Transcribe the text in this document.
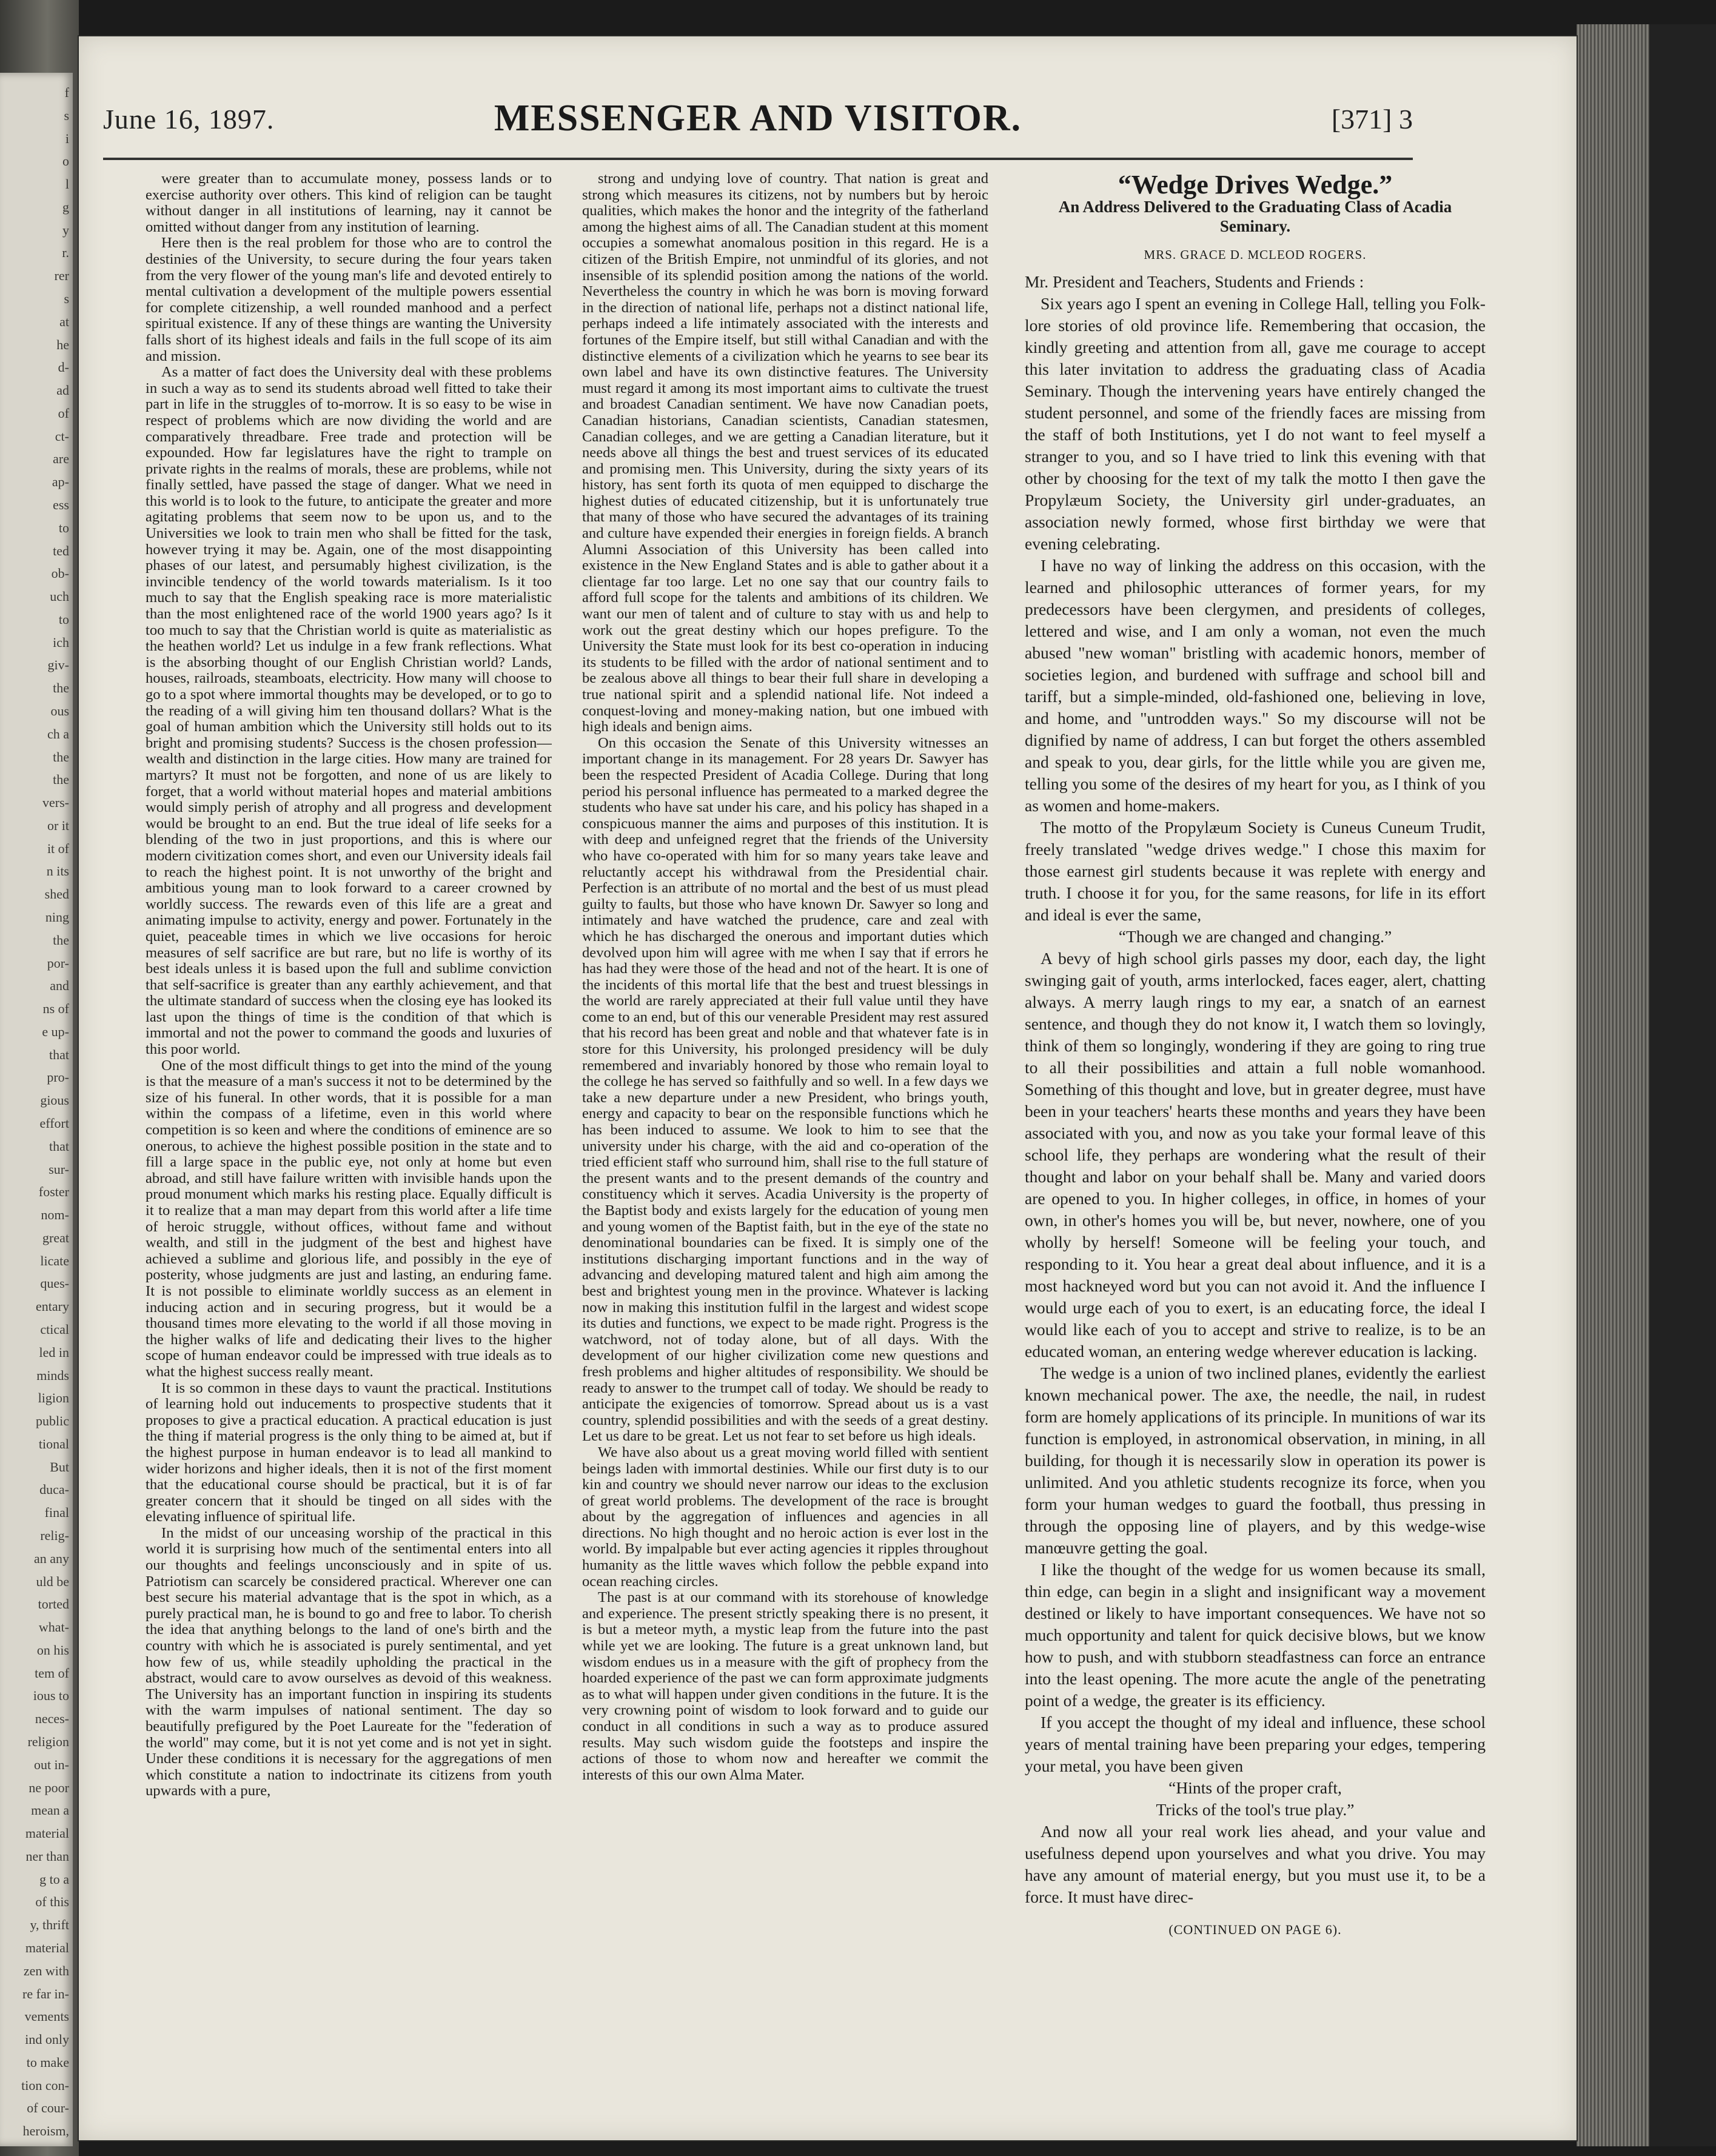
f
s
i
o
l
g
y
r.
rer
s
at
he
d-
ad
of
ct-
are
ap-
ess
to
ted
ob-
uch
to
ich
giv-
the
ous
ch a
the
the
vers-
or it
it of
n its
shed
ning
the
por-
and
ns of
e up-
that
pro-
gious
effort
that
sur-
foster
nom-
great
licate
ques-
entary
ctical
led in
minds
ligion
public
tional
But
duca-
final
relig-
an any
uld be
torted
what-
on his
tem of
ious to
neces-
religion
out in-
ne poor
mean a
material
ner than
g to a
of this
y, thrift
material
zen with
re far in-
vements
ind only
to make
tion con-
of cour-
heroism,
June 16, 1897.	MESSENGER AND VISITOR.	[371] 3

were greater than to accumulate money, possess lands or to exercise authority over others. This kind of religion can be taught without danger in all institutions of learning, nay it cannot be omitted without danger from any institution of learning.

Here then is the real problem for those who are to control the destinies of the University, to secure during the four years taken from the very flower of the young man's life and devoted entirely to mental cultivation a development of the multiple powers essential for complete citizenship, a well rounded manhood and a perfect spiritual existence. If any of these things are wanting the University falls short of its highest ideals and fails in the full scope of its aim and mission.

As a matter of fact does the University deal with these problems in such a way as to send its students abroad well fitted to take their part in life in the struggles of to-morrow. It is so easy to be wise in respect of problems which are now dividing the world and are comparatively threadbare. Free trade and protection will be expounded. How far legislatures have the right to trample on private rights in the realms of morals, these are problems, while not finally settled, have passed the stage of danger. What we need in this world is to look to the future, to anticipate the greater and more agitating problems that seem now to be upon us, and to the Universities we look to train men who shall be fitted for the task, however trying it may be. Again, one of the most disappointing phases of our latest, and persumably highest civilization, is the invincible tendency of the world towards materialism. Is it too much to say that the English speaking race is more materialistic than the most enlightened race of the world 1900 years ago? Is it too much to say that the Christian world is quite as materialistic as the heathen world? Let us indulge in a few frank reflections. What is the absorbing thought of our English Christian world? Lands, houses, railroads, steamboats, electricity. How many will choose to go to a spot where immortal thoughts may be developed, or to go to the reading of a will giving him ten thousand dollars? What is the goal of human ambition which the University still holds out to its bright and promising students? Success is the chosen profession—wealth and distinction in the large cities. How many are trained for martyrs? It must not be forgotten, and none of us are likely to forget, that a world without material hopes and material ambitions would simply perish of atrophy and all progress and development would be brought to an end. But the true ideal of life seeks for a blending of the two in just proportions, and this is where our modern civitization comes short, and even our University ideals fail to reach the highest point. It is not unworthy of the bright and ambitious young man to look forward to a career crowned by worldly success. The rewards even of this life are a great and animating impulse to activity, energy and power. Fortunately in the quiet, peaceable times in which we live occasions for heroic measures of self sacrifice are but rare, but no life is worthy of its best ideals unless it is based upon the full and sublime conviction that self-sacrifice is greater than any earthly achievement, and that the ultimate standard of success when the closing eye has looked its last upon the things of time is the condition of that which is immortal and not the power to command the goods and luxuries of this poor world.

One of the most difficult things to get into the mind of the young is that the measure of a man's success it not to be determined by the size of his funeral. In other words, that it is possible for a man within the compass of a lifetime, even in this world where competition is so keen and where the conditions of eminence are so onerous, to achieve the highest possible position in the state and to fill a large space in the public eye, not only at home but even abroad, and still have failure written with invisible hands upon the proud monument which marks his resting place. Equally difficult is it to realize that a man may depart from this world after a life time of heroic struggle, without offices, without fame and without wealth, and still in the judgment of the best and highest have achieved a sublime and glorious life, and possibly in the eye of posterity, whose judgments are just and lasting, an enduring fame. It is not possible to eliminate worldly success as an element in inducing action and in securing progress, but it would be a thousand times more elevating to the world if all those moving in the higher walks of life and dedicating their lives to the higher scope of human endeavor could be impressed with true ideals as to what the highest success really meant.

It is so common in these days to vaunt the practical. Institutions of learning hold out inducements to prospective students that it proposes to give a practical education. A practical education is just the thing if material progress is the only thing to be aimed at, but if the highest purpose in human endeavor is to lead all mankind to wider horizons and higher ideals, then it is not of the first moment that the educational course should be practical, but it is of far greater concern that it should be tinged on all sides with the elevating influence of spiritual life.

In the midst of our unceasing worship of the practical in this world it is surprising how much of the sentimental enters into all our thoughts and feelings unconsciously and in spite of us. Patriotism can scarcely be considered practical. Wherever one can best secure his material advantage that is the spot in which, as a purely practical man, he is bound to go and free to labor. To cherish the idea that anything belongs to the land of one's birth and the country with which he is associated is purely sentimental, and yet how few of us, while steadily upholding the practical in the abstract, would care to avow ourselves as devoid of this weakness. The University has an important function in inspiring its students with the warm impulses of national sentiment. The day so beautifully prefigured by the Poet Laureate for the "federation of the world" may come, but it is not yet come and is not yet in sight. Under these conditions it is necessary for the aggregations of men which constitute a nation to indoctrinate its citizens from youth upwards with a pure,

strong and undying love of country. That nation is great and strong which measures its citizens, not by numbers but by heroic qualities, which makes the honor and the integrity of the fatherland among the highest aims of all. The Canadian student at this moment occupies a somewhat anomalous position in this regard. He is a citizen of the British Empire, not unmindful of its glories, and not insensible of its splendid position among the nations of the world. Nevertheless the country in which he was born is moving forward in the direction of national life, perhaps not a distinct national life, perhaps indeed a life intimately associated with the interests and fortunes of the Empire itself, but still withal Canadian and with the distinctive elements of a civilization which he yearns to see bear its own label and have its own distinctive features. The University must regard it among its most important aims to cultivate the truest and broadest Canadian sentiment. We have now Canadian poets, Canadian historians, Canadian scientists, Canadian statesmen, Canadian colleges, and we are getting a Canadian literature, but it needs above all things the best and truest services of its educated and promising men. This University, during the sixty years of its history, has sent forth its quota of men equipped to discharge the highest duties of educated citizenship, but it is unfortunately true that many of those who have secured the advantages of its training and culture have expended their energies in foreign fields. A branch Alumni Association of this University has been called into existence in the New England States and is able to gather about it a clientage far too large. Let no one say that our country fails to afford full scope for the talents and ambitions of its children. We want our men of talent and of culture to stay with us and help to work out the great destiny which our hopes prefigure. To the University the State must look for its best co-operation in inducing its students to be filled with the ardor of national sentiment and to be zealous above all things to bear their full share in developing a true national spirit and a splendid national life. Not indeed a conquest-loving and money-making nation, but one imbued with high ideals and benign aims.

On this occasion the Senate of this University witnesses an important change in its management. For 28 years Dr. Sawyer has been the respected President of Acadia College. During that long period his personal influence has permeated to a marked degree the students who have sat under his care, and his policy has shaped in a conspicuous manner the aims and purposes of this institution. It is with deep and unfeigned regret that the friends of the University who have co-operated with him for so many years take leave and reluctantly accept his withdrawal from the Presidential chair. Perfection is an attribute of no mortal and the best of us must plead guilty to faults, but those who have known Dr. Sawyer so long and intimately and have watched the prudence, care and zeal with which he has discharged the onerous and important duties which devolved upon him will agree with me when I say that if errors he has had they were those of the head and not of the heart. It is one of the incidents of this mortal life that the best and truest blessings in the world are rarely appreciated at their full value until they have come to an end, but of this our venerable President may rest assured that his record has been great and noble and that whatever fate is in store for this University, his prolonged presidency will be duly remembered and invariably honored by those who remain loyal to the college he has served so faithfully and so well. In a few days we take a new departure under a new President, who brings youth, energy and capacity to bear on the responsible functions which he has been induced to assume. We look to him to see that the university under his charge, with the aid and co-operation of the tried efficient staff who surround him, shall rise to the full stature of the present wants and to the present demands of the country and constituency which it serves. Acadia University is the property of the Baptist body and exists largely for the education of young men and young women of the Baptist faith, but in the eye of the state no denominational boundaries can be fixed. It is simply one of the institutions discharging important functions and in the way of advancing and developing matured talent and high aim among the best and brightest young men in the province. Whatever is lacking now in making this institution fulfil in the largest and widest scope its duties and functions, we expect to be made right. Progress is the watchword, not of today alone, but of all days. With the development of our higher civilization come new questions and fresh problems and higher altitudes of responsibility. We should be ready to answer to the trumpet call of today. We should be ready to anticipate the exigencies of tomorrow. Spread about us is a vast country, splendid possibilities and with the seeds of a great destiny. Let us dare to be great. Let us not fear to set before us high ideals.

We have also about us a great moving world filled with sentient beings laden with immortal destinies. While our first duty is to our kin and country we should never narrow our ideas to the exclusion of great world problems. The development of the race is brought about by the aggregation of influences and agencies in all directions. No high thought and no heroic action is ever lost in the world. By impalpable but ever acting agencies it ripples throughout humanity as the little waves which follow the pebble expand into ocean reaching circles.

The past is at our command with its storehouse of knowledge and experience. The present strictly speaking there is no present, it is but a meteor myth, a mystic leap from the future into the past while yet we are looking. The future is a great unknown land, but wisdom endues us in a measure with the gift of prophecy from the hoarded experience of the past we can form approximate judgments as to what will happen under given conditions in the future. It is the very crowning point of wisdom to look forward and to guide our conduct in all conditions in such a way as to produce assured results. May such wisdom guide the footsteps and inspire the actions of those to whom now and hereafter we commit the interests of this our own Alma Mater.

“Wedge Drives Wedge.”
An Address Delivered to the Graduating Class of Acadia Seminary.
MRS. GRACE D. MCLEOD ROGERS.

Mr. President and Teachers, Students and Friends :

Six years ago I spent an evening in College Hall, telling you Folk-lore stories of old province life. Remembering that occasion, the kindly greeting and attention from all, gave me courage to accept this later invitation to address the graduating class of Acadia Seminary. Though the intervening years have entirely changed the student personnel, and some of the friendly faces are missing from the staff of both Institutions, yet I do not want to feel myself a stranger to you, and so I have tried to link this evening with that other by choosing for the text of my talk the motto I then gave the Propylæum Society, the University girl under-graduates, an association newly formed, whose first birthday we were that evening celebrating.

I have no way of linking the address on this occasion, with the learned and philosophic utterances of former years, for my predecessors have been clergymen, and presidents of colleges, lettered and wise, and I am only a woman, not even the much abused "new woman" bristling with academic honors, member of societies legion, and burdened with suffrage and school bill and tariff, but a simple-minded, old-fashioned one, believing in love, and home, and "untrodden ways." So my discourse will not be dignified by name of address, I can but forget the others assembled and speak to you, dear girls, for the little while you are given me, telling you some of the desires of my heart for you, as I think of you as women and home-makers.

The motto of the Propylæum Society is Cuneus Cuneum Trudit, freely translated "wedge drives wedge." I chose this maxim for those earnest girl students because it was replete with energy and truth. I choose it for you, for the same reasons, for life in its effort and ideal is ever the same,

“Though we are changed and changing.”

A bevy of high school girls passes my door, each day, the light swinging gait of youth, arms interlocked, faces eager, alert, chatting always. A merry laugh rings to my ear, a snatch of an earnest sentence, and though they do not know it, I watch them so lovingly, think of them so longingly, wondering if they are going to ring true to all their possibilities and attain a full noble womanhood. Something of this thought and love, but in greater degree, must have been in your teachers' hearts these months and years they have been associated with you, and now as you take your formal leave of this school life, they perhaps are wondering what the result of their thought and labor on your behalf shall be. Many and varied doors are opened to you. In higher colleges, in office, in homes of your own, in other's homes you will be, but never, nowhere, one of you wholly by herself! Someone will be feeling your touch, and responding to it. You hear a great deal about influence, and it is a most hackneyed word but you can not avoid it. And the influence I would urge each of you to exert, is an educating force, the ideal I would like each of you to accept and strive to realize, is to be an educated woman, an entering wedge wherever education is lacking.

The wedge is a union of two inclined planes, evidently the earliest known mechanical power. The axe, the needle, the nail, in rudest form are homely applications of its principle. In munitions of war its function is employed, in astronomical observation, in mining, in all building, for though it is necessarily slow in operation its power is unlimited. And you athletic students recognize its force, when you form your human wedges to guard the football, thus pressing in through the opposing line of players, and by this wedge-wise manœuvre getting the goal.

I like the thought of the wedge for us women because its small, thin edge, can begin in a slight and insignificant way a movement destined or likely to have important consequences. We have not so much opportunity and talent for quick decisive blows, but we know how to push, and with stubborn steadfastness can force an entrance into the least opening. The more acute the angle of the penetrating point of a wedge, the greater is its efficiency.

If you accept the thought of my ideal and influence, these school years of mental training have been preparing your edges, tempering your metal, you have been given

“Hints of the proper craft,
Tricks of the tool's true play.”

And now all your real work lies ahead, and your value and usefulness depend upon yourselves and what you drive. You may have any amount of material energy, but you must use it, to be a force. It must have direc-

(CONTINUED ON PAGE 6).
